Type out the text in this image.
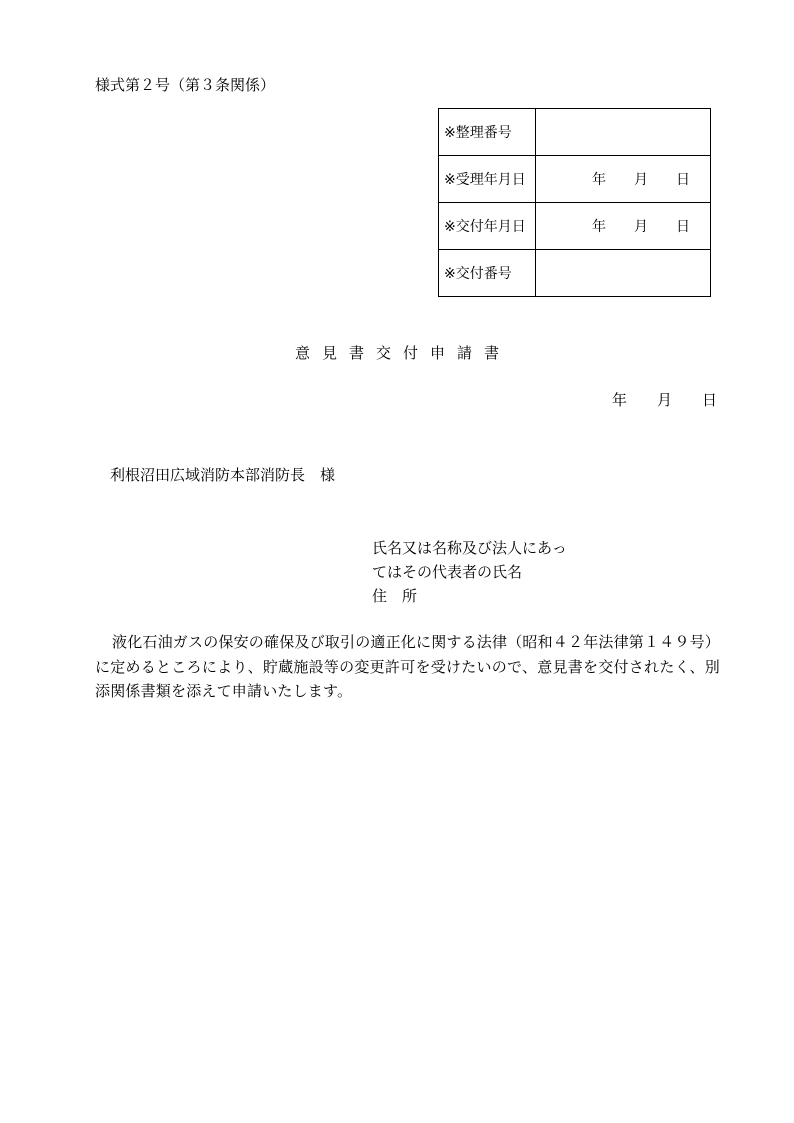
様式第２号（第３条関係）
※整理番号	
※受理年月日	年 月 日

※交付年月日	年 月 日

※交付番号	
意見書交付申請書
年 月 日
利根沼田広域消防本部消防長　様
氏名又は名称及び法人にあっ
てはその代表者の氏名
住　所
液化石油ガスの保安の確保及び取引の適正化に関する法律（昭和４２年法律第１４９号）に定めるところにより、貯蔵施設等の変更許可を受けたいので、意見書を交付されたく、別添関係書類を添えて申請いたします。
